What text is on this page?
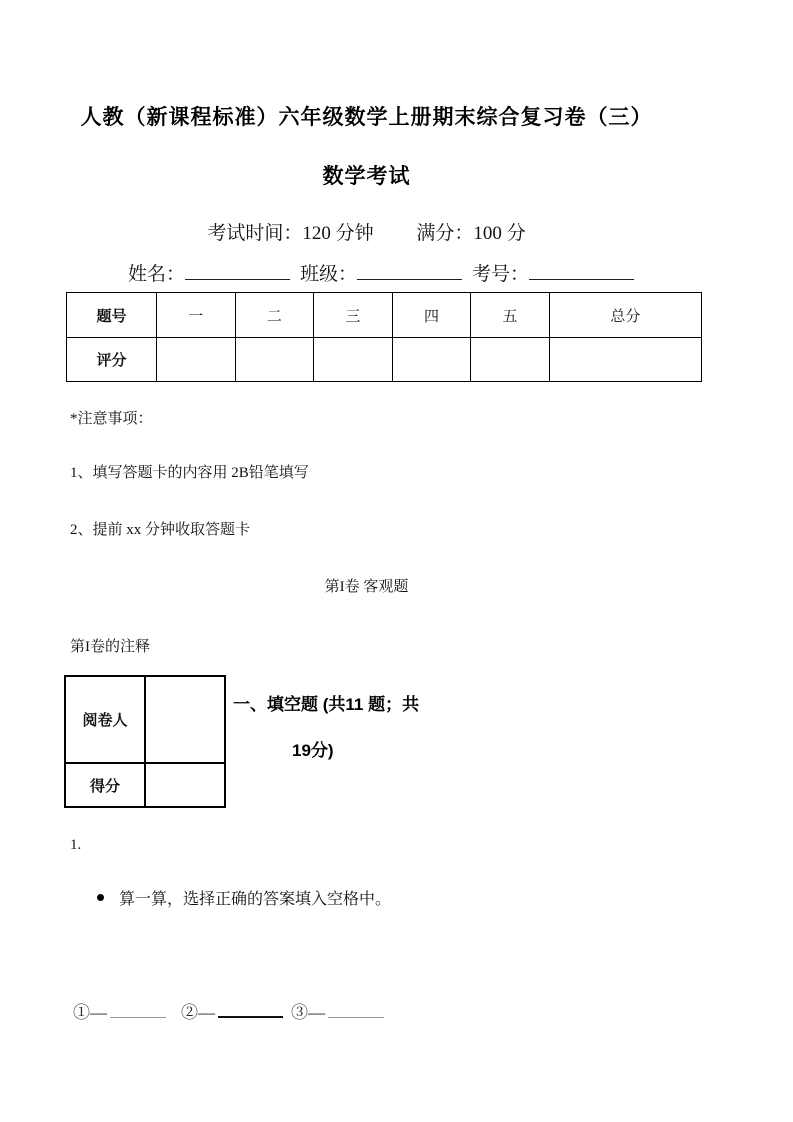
人教（新课程标准）六年级数学上册期末综合复习卷（三）
数学考试
考试时间：120 分钟 满分：100 分
姓名：	班级：	考号：
题号	一	二	三	四	五	总分
评分						
*注意事项：
1、填写答题卡的内容用 2B铅笔填写
2、提前 xx 分钟收取答题卡
第I卷 客观题
第I卷的注释
阅卷人	
得分	
一、填空题 (共11 题；共
19分)
1.
算一算，选择正确的答案填入空格中。
①—	②—	③—
